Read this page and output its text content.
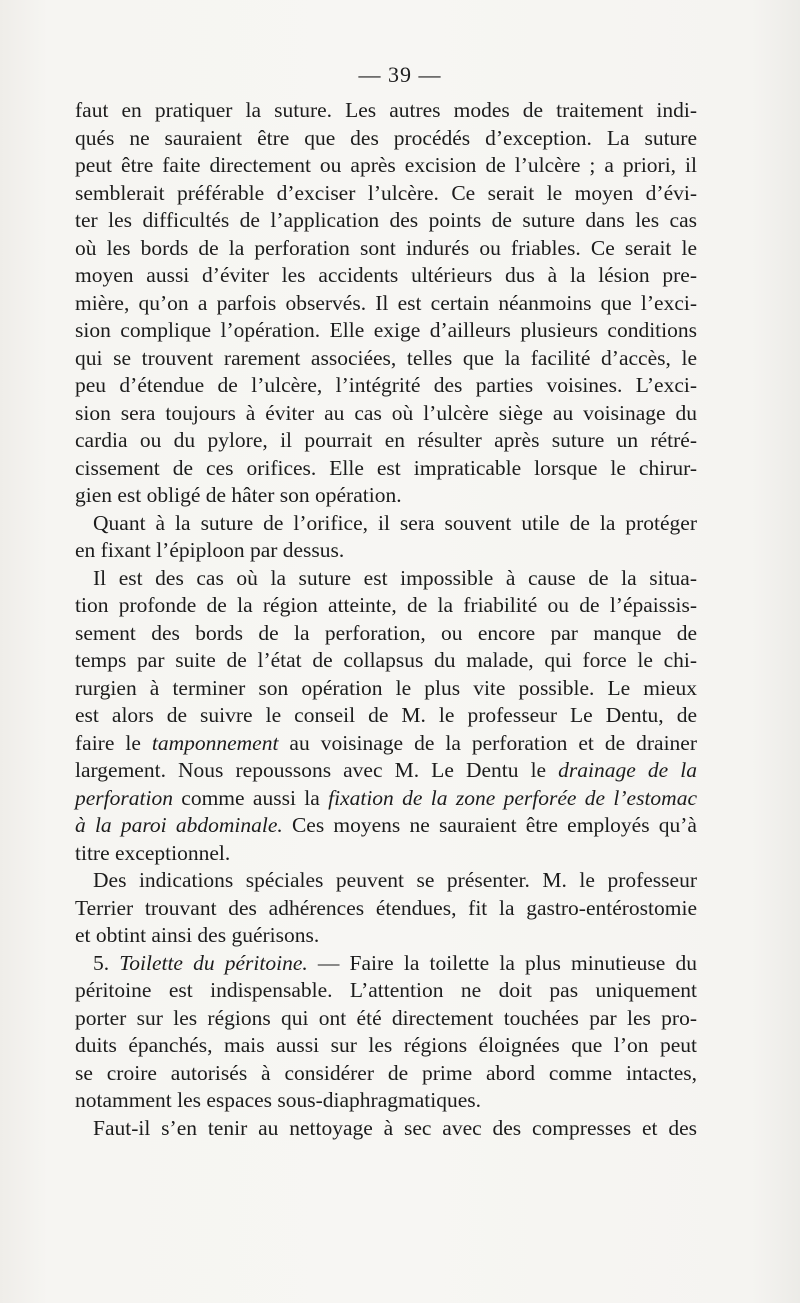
— 39 —
faut en pratiquer la suture. Les autres modes de traitement indi-
qués ne sauraient être que des procédés d’exception. La suture
peut être faite directement ou après excision de l’ulcère ; a priori, il
semblerait préférable d’exciser l’ulcère. Ce serait le moyen d’évi-
ter les difficultés de l’application des points de suture dans les cas
où les bords de la perforation sont indurés ou friables. Ce serait le
moyen aussi d’éviter les accidents ultérieurs dus à la lésion pre-
mière, qu’on a parfois observés. Il est certain néanmoins que l’exci-
sion complique l’opération. Elle exige d’ailleurs plusieurs conditions
qui se trouvent rarement associées, telles que la facilité d’accès, le
peu d’étendue de l’ulcère, l’intégrité des parties voisines. L’exci-
sion sera toujours à éviter au cas où l’ulcère siège au voisinage du
cardia ou du pylore, il pourrait en résulter après suture un rétré-
cissement de ces orifices. Elle est impraticable lorsque le chirur-
gien est obligé de hâter son opération.
Quant à la suture de l’orifice, il sera souvent utile de la protéger
en fixant l’épiploon par dessus.
Il est des cas où la suture est impossible à cause de la situa-
tion profonde de la région atteinte, de la friabilité ou de l’épaissis-
sement des bords de la perforation, ou encore par manque de
temps par suite de l’état de collapsus du malade, qui force le chi-
rurgien à terminer son opération le plus vite possible. Le mieux
est alors de suivre le conseil de M. le professeur Le Dentu, de
faire le tamponnement au voisinage de la perforation et de drainer
largement. Nous repoussons avec M. Le Dentu le drainage de la
perforation comme aussi la fixation de la zone perforée de l’estomac
à la paroi abdominale. Ces moyens ne sauraient être employés qu’à
titre exceptionnel.
Des indications spéciales peuvent se présenter. M. le professeur
Terrier trouvant des adhérences étendues, fit la gastro-entérostomie
et obtint ainsi des guérisons.
5. Toilette du péritoine. — Faire la toilette la plus minutieuse du
péritoine est indispensable. L’attention ne doit pas uniquement
porter sur les régions qui ont été directement touchées par les pro-
duits épanchés, mais aussi sur les régions éloignées que l’on peut
se croire autorisés à considérer de prime abord comme intactes,
notamment les espaces sous-diaphragmatiques.
Faut-il s’en tenir au nettoyage à sec avec des compresses et des
